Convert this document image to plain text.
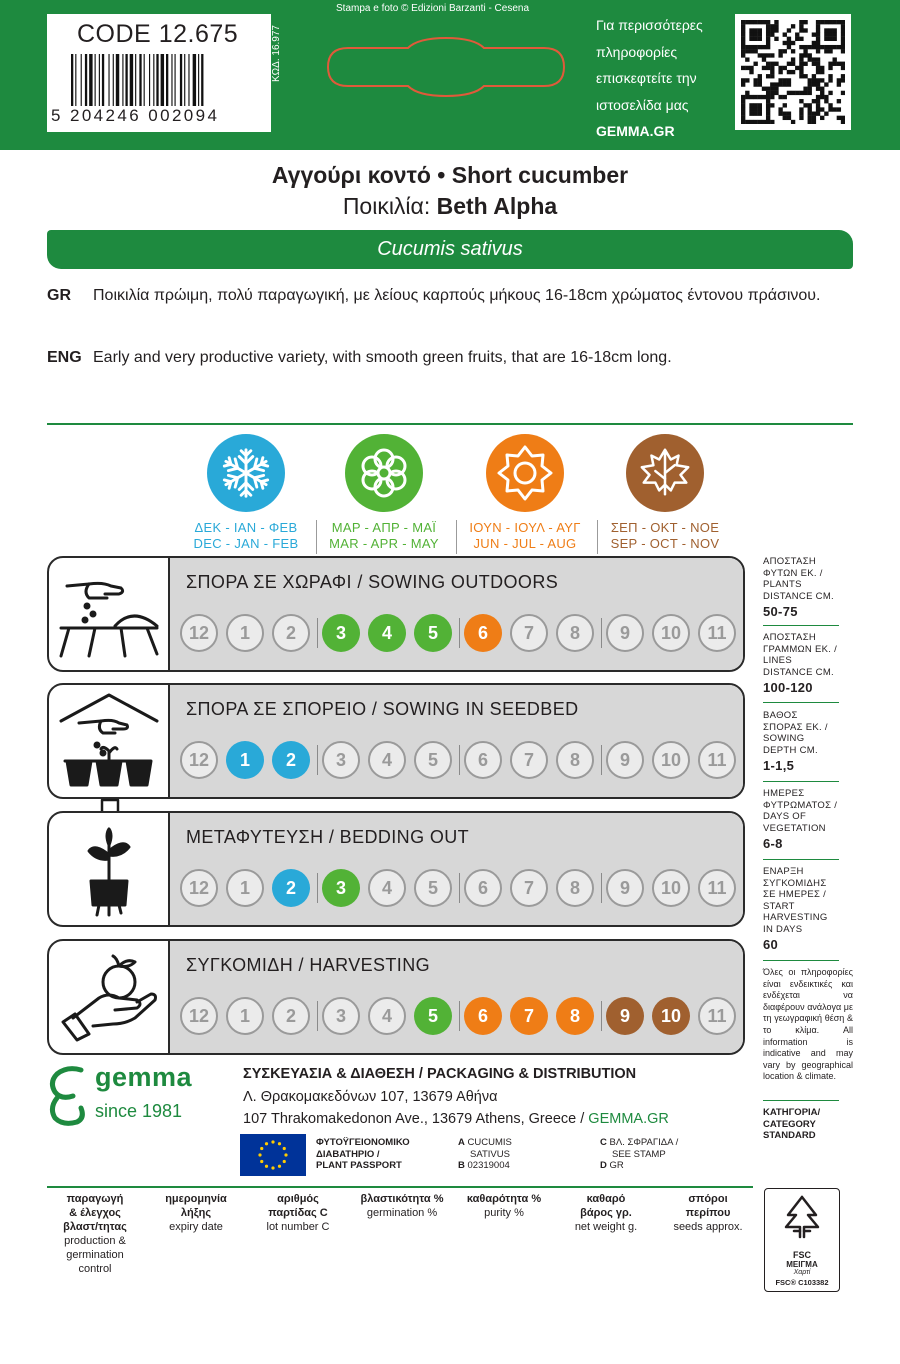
Stampa e foto © Edizioni Barzanti - Cesena
CODE 12.675
5 204246 002094
ΚΩΔ. 16.977
Για περισσότερες
πληροφορίες
επισκεφτείτε την
ιστοσελίδα μας
GEMMA.GR
Αγγούρι κοντό • Short cucumber
Ποικιλία: Beth Alpha
Cucumis sativus
GR Ποικιλία πρώιμη, πολύ παραγωγική, με λείους καρπούς μήκους 16-18cm χρώματος έντονου πράσινου.
ENG Early and very productive variety, with smooth green fruits, that are 16-18cm long.
ΔΕΚ - ΙΑΝ - ΦΕΒ
DEC - JAN - FEB
ΜΑΡ - ΑΠΡ - ΜΑΪ
MAR - APR - MAY
ΙΟΥΝ - ΙΟΥΛ - ΑΥΓ
JUN - JUL - AUG
ΣΕΠ - ΟΚΤ - ΝΟΕ
SEP - OCT - NOV
ΣΠΟΡΑ ΣΕ ΧΩΡΑΦΙ / SOWING OUTDOORS
12	1	2	3	4	5	6	7	8	9	10	11
ΣΠΟΡΑ ΣΕ ΣΠΟΡΕΙΟ / SOWING IN SEEDBED
12	1	2	3	4	5	6	7	8	9	10	11
ΜΕΤΑΦΥΤΕΥΣΗ / BEDDING OUT
12	1	2	3	4	5	6	7	8	9	10	11
ΣΥΓΚΟΜΙΔΗ / HARVESTING
12	1	2	3	4	5	6	7	8	9	10	11
ΑΠΟΣΤΑΣΗ
ΦΥΤΩΝ ΕΚ. /
PLANTS
DISTANCE CM.
50-75
ΑΠΟΣΤΑΣΗ
ΓΡΑΜΜΩΝ ΕΚ. /
LINES
DISTANCE CM.
100-120
ΒΑΘΟΣ
ΣΠΟΡΑΣ ΕΚ. /
SOWING
DEPTH CM.
1-1,5
ΗΜΕΡΕΣ
ΦΥΤΡΩΜΑΤΟΣ /
DAYS OF
VEGETATION
6-8
ΕΝΑΡΞΗ
ΣΥΓΚΟΜΙΔΗΣ
ΣΕ ΗΜΕΡΕΣ /
START
HARVESTING
IN DAYS
60
Όλες οι πληροφορίες είναι ενδεικτικές και ενδέχεται να διαφέρουν ανάλογα με τη γεωγραφική θέση & το κλίμα. All information is indicative and may vary by geographical location & climate.
ΚΑΤΗΓΟΡΙΑ/
CATEGORY
STANDARD
gemma
since 1981
ΣΥΣΚΕΥΑΣΙΑ & ΔΙΑΘΕΣΗ / PACKAGING & DISTRIBUTION
Λ. Θρακομακεδόνων 107, 13679 Αθήνα
107 Thrakomakedonon Ave., 13679 Athens, Greece / GEMMA.GR
ΦΥΤΟΫΓΕΙΟΝΟΜΙΚΟ
ΔΙΑΒΑΤΗΡΙΟ /
PLANT PASSPORT
A CUCUMIS
SATIVUS
B 02319004
C ΒΛ. ΣΦΡΑΓΙΔΑ /
SEE STAMP
D GR
παραγωγή
& έλεγχος
βλαστ/τητας
production &
germination
control
ημερομηνία
λήξης
expiry date
αριθμός
παρτίδας C
lot number C
βλαστικότητα %
germination %
καθαρότητα %
purity %
καθαρό
βάρος γρ.
net weight g.
σπόροι
περίπου
seeds approx.
FSC
ΜΕΙΓΜΑ
Χαρτί
FSC® C103382
